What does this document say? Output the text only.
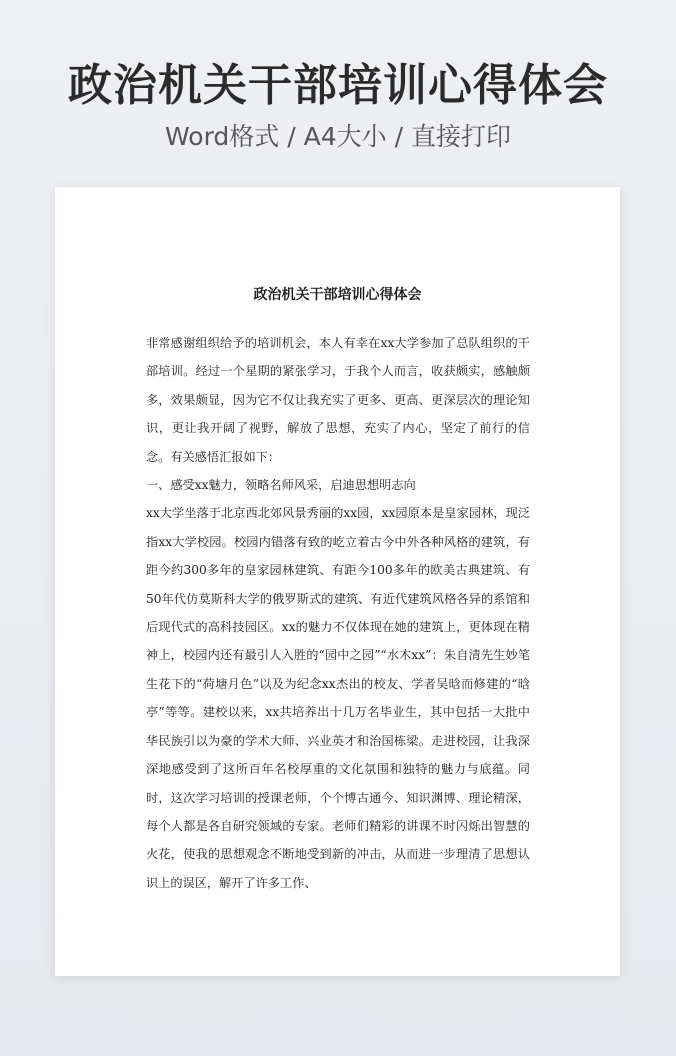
政治机关干部培训心得体会
Word格式 / A4大小 / 直接打印
政治机关干部培训心得体会

非常感谢组织给予的培训机会，本人有幸在xx大学参加了总队组织的干部培训。经过一个星期的紧张学习，于我个人而言，收获颇实，感触颇多，效果颇显，因为它不仅让我充实了更多、更高、更深层次的理论知识，更让我开阔了视野，解放了思想，充实了内心，坚定了前行的信念。有关感悟汇报如下：

一、感受xx魅力，领略名师风采，启迪思想明志向

xx大学坐落于北京西北郊风景秀丽的xx园，xx园原本是皇家园林，现泛指xx大学校园。校园内错落有致的屹立着古今中外各种风格的建筑，有距今约300多年的皇家园林建筑、有距今100多年的欧美古典建筑、有50年代仿莫斯科大学的俄罗斯式的建筑、有近代建筑风格各异的系馆和后现代式的高科技园区。xx的魅力不仅体现在她的建筑上，更体现在精神上，校园内还有最引人入胜的“园中之园”“水木xx”：朱自清先生妙笔生花下的“荷塘月色”以及为纪念xx杰出的校友、学者吴晗而修建的“晗亭”等等。建校以来，xx共培养出十几万名毕业生，其中包括一大批中华民族引以为豪的学术大师、兴业英才和治国栋梁。走进校园，让我深深地感受到了这所百年名校厚重的文化氛围和独特的魅力与底蕴。同时，这次学习培训的授课老师，个个博古通今、知识渊博、理论精深，每个人都是各自研究领域的专家。老师们精彩的讲课不时闪烁出智慧的火花，使我的思想观念不断地受到新的冲击，从而进一步理清了思想认识上的误区，解开了许多工作、
